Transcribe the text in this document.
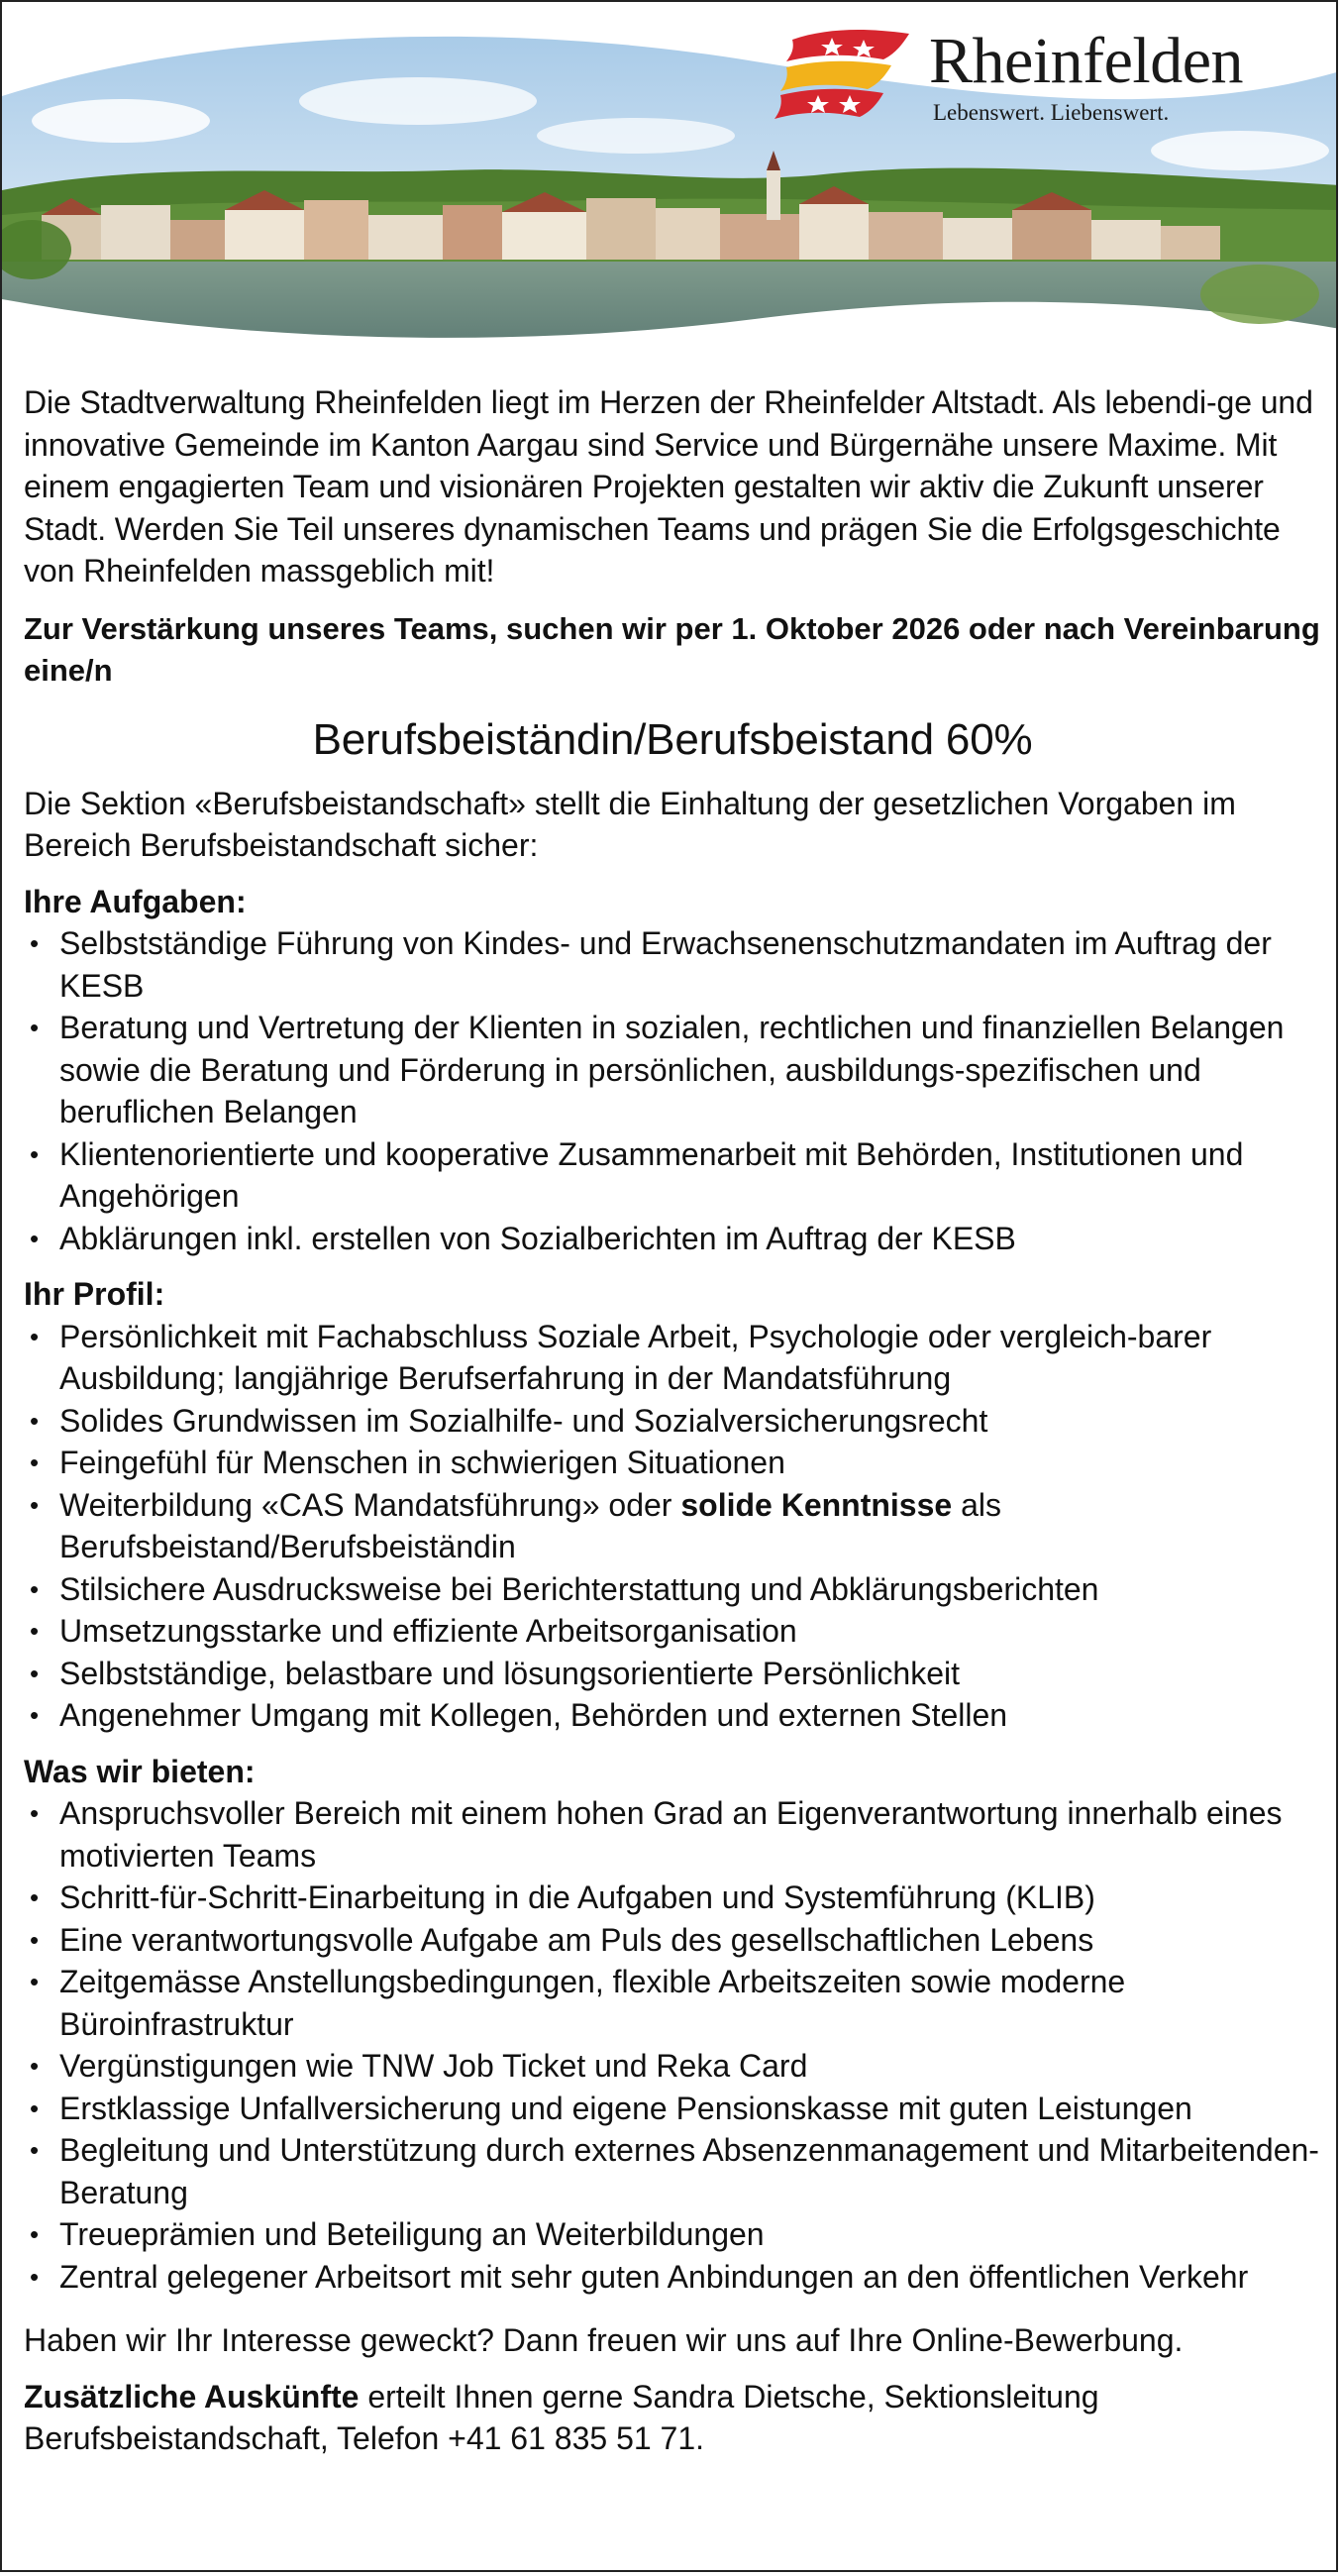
Rheinfelden
Lebenswert. Liebenswert.

Die Stadtverwaltung Rheinfelden liegt im Herzen der Rheinfelder Altstadt. Als lebendi-ge und innovative Gemeinde im Kanton Aargau sind Service und Bürgernähe unsere Maxime. Mit einem engagierten Team und visionären Projekten gestalten wir aktiv die Zukunft unserer Stadt. Werden Sie Teil unseres dynamischen Teams und prägen Sie die Erfolgsgeschichte von Rheinfelden massgeblich mit!

Zur Verstärkung unseres Teams, suchen wir per 1. Oktober 2026 oder nach Vereinbarung eine/n

Berufsbeiständin/Berufsbeistand 60%

Die Sektion «Berufsbeistandschaft» stellt die Einhaltung der gesetzlichen Vorgaben im Bereich Berufsbeistandschaft sicher:

Ihre Aufgaben:

• Selbstständige Führung von Kindes- und Erwachsenenschutzmandaten im Auftrag der KESB
• Beratung und Vertretung der Klienten in sozialen, rechtlichen und finanziellen Belangen sowie die Beratung und Förderung in persönlichen, ausbildungs-spezifischen und beruflichen Belangen
• Klientenorientierte und kooperative Zusammenarbeit mit Behörden, Institutionen und Angehörigen
• Abklärungen inkl. erstellen von Sozialberichten im Auftrag der KESB

Ihr Profil:

• Persönlichkeit mit Fachabschluss Soziale Arbeit, Psychologie oder vergleich-barer Ausbildung; langjährige Berufserfahrung in der Mandatsführung
• Solides Grundwissen im Sozialhilfe- und Sozialversicherungsrecht
• Feingefühl für Menschen in schwierigen Situationen
• Weiterbildung «CAS Mandatsführung» oder solide Kenntnisse als Berufsbeistand/Berufsbeiständin
• Stilsichere Ausdrucksweise bei Berichterstattung und Abklärungsberichten
• Umsetzungsstarke und effiziente Arbeitsorganisation
• Selbstständige, belastbare und lösungsorientierte Persönlichkeit
• Angenehmer Umgang mit Kollegen, Behörden und externen Stellen

Was wir bieten:

• Anspruchsvoller Bereich mit einem hohen Grad an Eigenverantwortung innerhalb eines motivierten Teams
• Schritt-für-Schritt-Einarbeitung in die Aufgaben und Systemführung (KLIB)
• Eine verantwortungsvolle Aufgabe am Puls des gesellschaftlichen Lebens
• Zeitgemässe Anstellungsbedingungen, flexible Arbeitszeiten sowie moderne Büroinfrastruktur
• Vergünstigungen wie TNW Job Ticket und Reka Card
• Erstklassige Unfallversicherung und eigene Pensionskasse mit guten Leistungen
• Begleitung und Unterstützung durch externes Absenzenmanagement und Mitarbeitenden-Beratung
• Treueprämien und Beteiligung an Weiterbildungen
• Zentral gelegener Arbeitsort mit sehr guten Anbindungen an den öffentlichen Verkehr

Haben wir Ihr Interesse geweckt? Dann freuen wir uns auf Ihre Online-Bewerbung.

Zusätzliche Auskünfte erteilt Ihnen gerne Sandra Dietsche, Sektionsleitung Berufsbeistandschaft, Telefon +41 61 835 51 71.
